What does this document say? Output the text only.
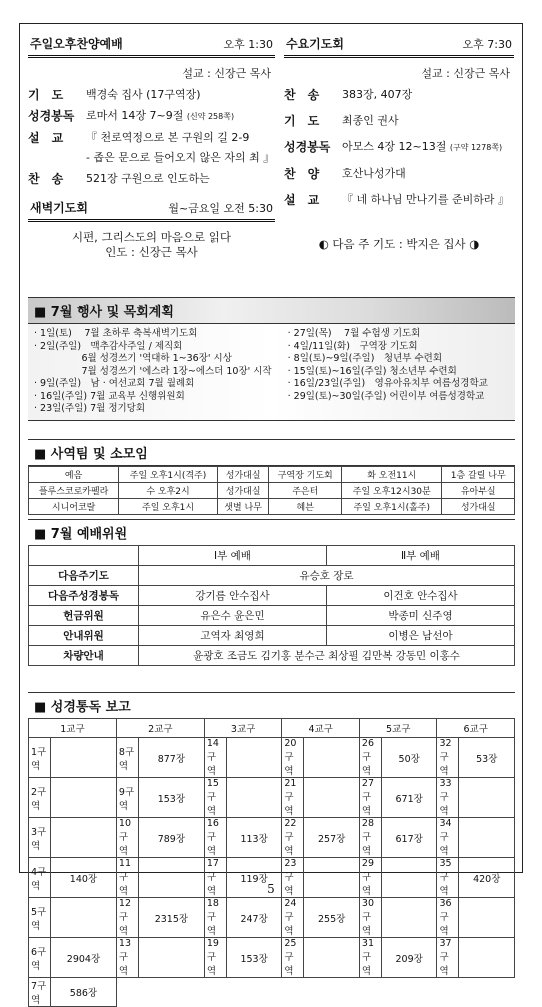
주일오후찬양예배	오후 1:30
설교 : 신장근 목사
기　도	백경숙 집사 (17구역장)
성경봉독	로마서 14장 7~9절 (신약 258쪽)
설　교	『 천로역정으로 본 구원의 길 2-9
- 좁은 문으로 들어오지 않은 자의 최 』
찬　송	521장 구원으로 인도하는
새벽기도회	월~금요일 오전 5:30
시편, 그리스도의 마음으로 읽다
인도 : 신장근 목사
수요기도회	오후 7:30
설교 : 신장근 목사
찬　송	383장, 407장
기　도	최종인 권사
성경봉독	아모스 4장 12~13절 (구약 1278쪽)
찬　양	호산나성가대
설　교	『 네 하나님 만나기를 준비하라 』
◐ 다음 주 기도 : 박지은 집사 ◑
■ 7월 행사 및 목회계획
· 1일(토)　 7월 초하루 축복새벽기도회
· 2일(주일)　맥추감사주일 / 제직회
　　　　　6월 성경쓰기 '역대하 1~36장' 시상
　　　　　7월 성경쓰기 '에스라 1장~에스더 10장' 시작
· 9일(주일)　남 · 여선교회 7월 월례회
· 16일(주일) 7월 교육부 신행위원회
· 23일(주일) 7월 정기당회
· 27일(목)　 7월 수험생 기도회
· 4일/11일(화)　구역장 기도회
· 8일(토)~9일(주일)　청년부 수련회
· 15일(토)~16일(주일) 청소년부 수련회
· 16일/23일(주일)　영유아유치부 여름성경학교
· 29일(토)~30일(주일) 어린이부 여름성경학교
■ 사역팀 및 소모임
예음	주일 오후1시(격주)	성가대실	구역장 기도회	화 오전11시	1층 갈릴 나무
플루스코로카펠라	수 오후2시	성가대실	주은터	주일 오후12시30분	유아부실
시니어코랄	주일 오후1시	샛별 나무	혜븐	주일 오후1시(홀주)	성가대실
■ 7월 예배위원
	Ⅰ부 예배	Ⅱ부 예배
다음주기도	유승호 장로	
다음주성경봉독	강기름 안수집사	이건호 안수집사
헌금위원	유은수 윤은민	박종미 신주영
안내위원	고역자 최영희	이병은 남선아
차량안내	윤광호 조금도 김기홍 분수근 최상필 김만복 강동민 이홍수	
■ 성경통독 보고
1교구		2교구		3교구		4교구		5교구		6교구	
1구역		8구역	877장	14구역		20구역		26구역	50장	32구역	53장
2구역		9구역	153장	15구역		21구역		27구역	671장	33구역	
3구역		10구역	789장	16구역	113장	22구역	257장	28구역	617장	34구역	
4구역	140장	11구역		17구역	119장	23구역		29구역		35구역	420장
5구역		12구역	2315장	18구역	247장	24구역	255장	30구역		36구역	
6구역	2904장	13구역		19구역	153장	25구역		31구역	209장	37구역	
7구역	586장										
5
